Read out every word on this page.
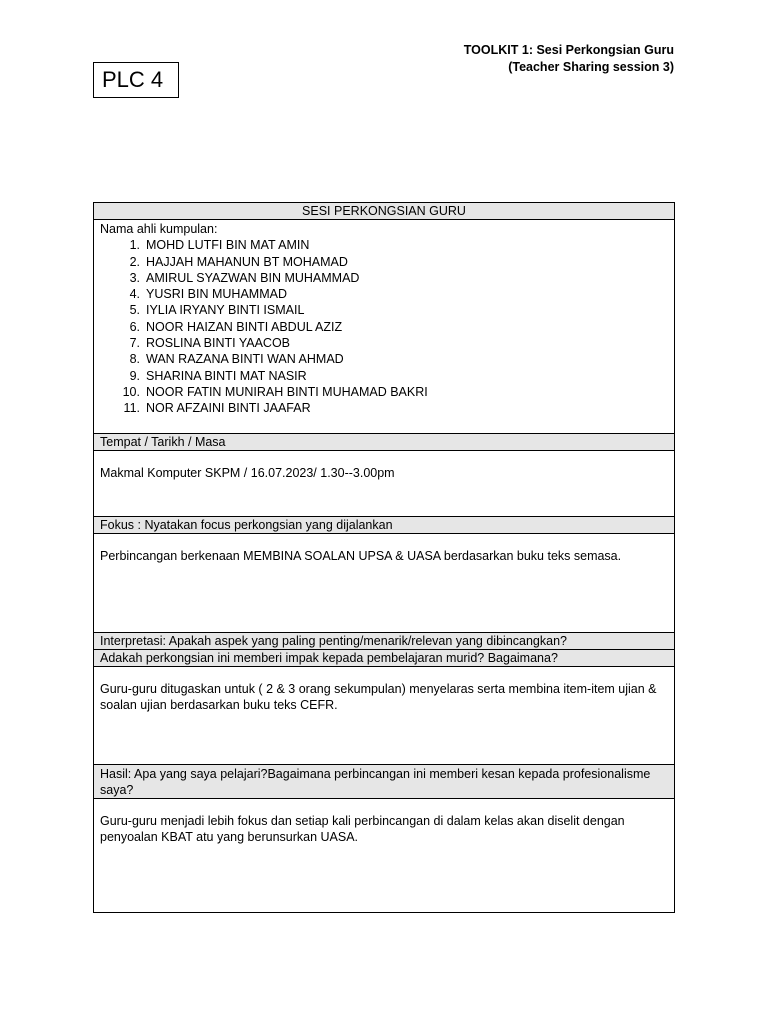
PLC 4
TOOLKIT 1: Sesi Perkongsian Guru
(Teacher Sharing session 3)
SESI PERKONGSIAN GURU
Nama ahli kumpulan:
1. MOHD LUTFI BIN MAT AMIN
2. HAJJAH MAHANUN BT MOHAMAD
3. AMIRUL SYAZWAN BIN MUHAMMAD
4. YUSRI BIN MUHAMMAD
5. IYLIA IRYANY BINTI ISMAIL
6. NOOR HAIZAN BINTI ABDUL AZIZ
7. ROSLINA BINTI YAACOB
8. WAN RAZANA BINTI WAN AHMAD
9. SHARINA BINTI MAT NASIR
10. NOOR FATIN MUNIRAH BINTI MUHAMAD BAKRI
11. NOR AFZAINI BINTI JAAFAR
Tempat / Tarikh / Masa
Makmal Komputer SKPM / 16.07.2023/ 1.30--3.00pm
Fokus : Nyatakan focus perkongsian yang dijalankan
Perbincangan berkenaan MEMBINA SOALAN UPSA & UASA berdasarkan buku teks semasa.
Interpretasi: Apakah aspek yang paling penting/menarik/relevan yang dibincangkan?
Adakah perkongsian ini memberi impak kepada pembelajaran murid? Bagaimana?
Guru-guru ditugaskan untuk ( 2 & 3 orang sekumpulan) menyelaras serta membina item-item ujian & soalan ujian berdasarkan buku teks CEFR.
Hasil: Apa yang saya pelajari?Bagaimana perbincangan ini memberi kesan kepada profesionalisme saya?
Guru-guru menjadi lebih fokus dan setiap kali perbincangan di dalam kelas akan diselit dengan penyoalan KBAT atu yang berunsurkan UASA.
